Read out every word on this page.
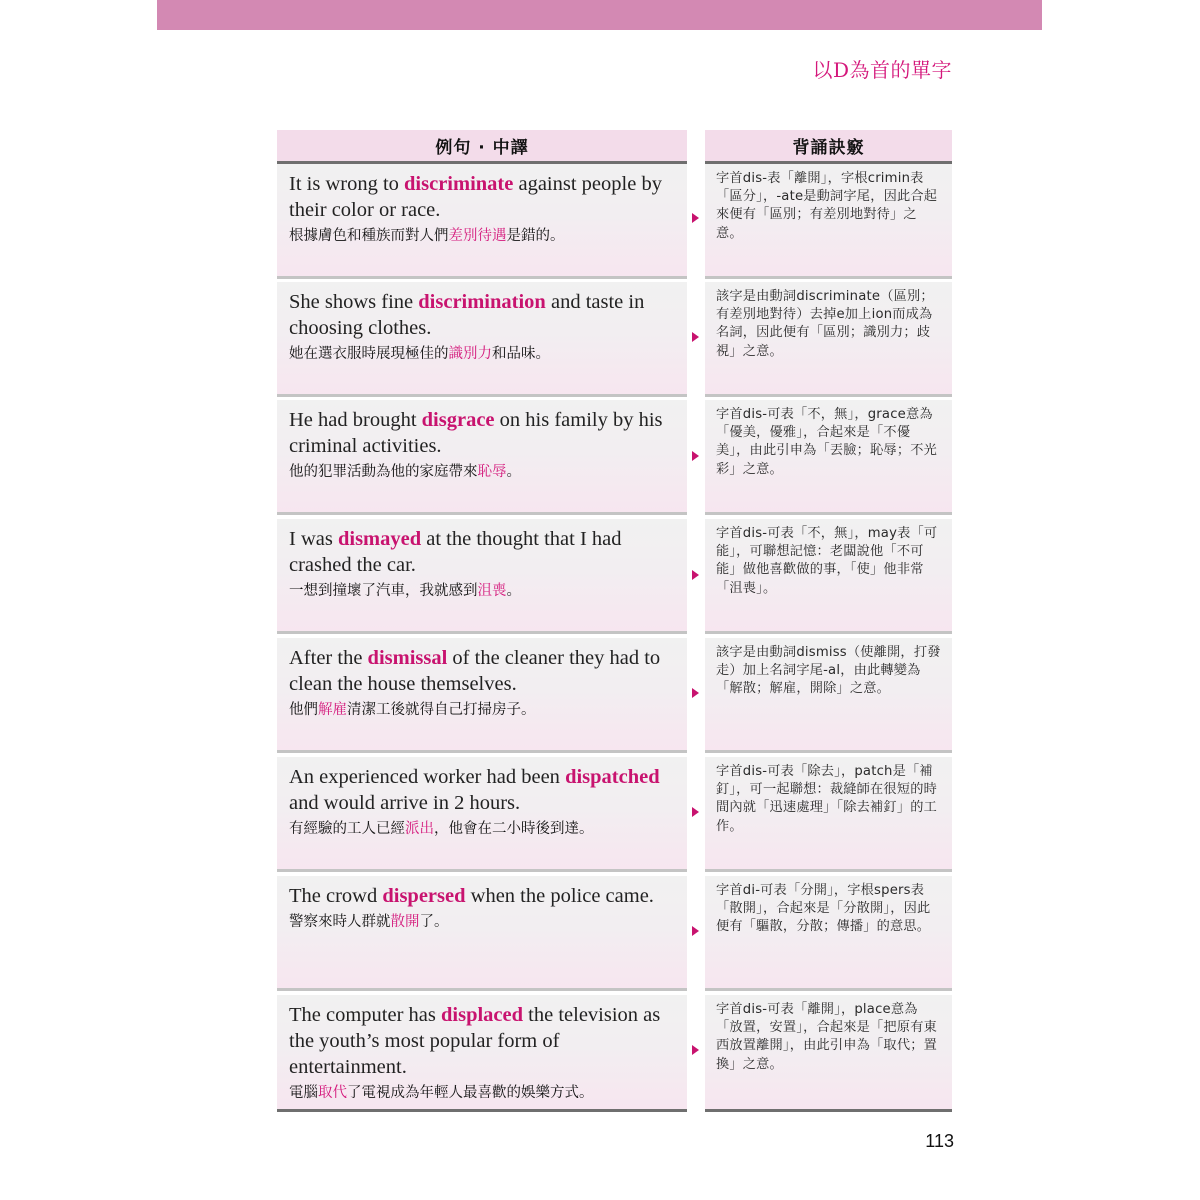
以D為首的單字
例句 · 中譯	背誦訣竅
It is wrong to discriminate against people by their color or race.
根據膚色和種族而對人們差別待遇是錯的。
字首dis-表「離開」，字根crimin表「區分」，-ate是動詞字尾，因此合起來便有「區別；有差別地對待」之意。
She shows fine discrimination and taste in choosing clothes.
她在選衣服時展現極佳的識別力和品味。
該字是由動詞discriminate（區別；有差別地對待）去掉e加上ion而成為名詞，因此便有「區別；識別力；歧視」之意。
He had brought disgrace on his family by his criminal activities.
他的犯罪活動為他的家庭帶來恥辱。
字首dis-可表「不，無」，grace意為「優美，優雅」，合起來是「不優美」，由此引申為「丟臉；恥辱；不光彩」之意。
I was dismayed at the thought that I had crashed the car.
一想到撞壞了汽車，我就感到沮喪。
字首dis-可表「不，無」，may表「可能」，可聯想記憶：老闆說他「不可能」做他喜歡做的事，「使」他非常「沮喪」。
After the dismissal of the cleaner they had to clean the house themselves.
他們解雇清潔工後就得自己打掃房子。
該字是由動詞dismiss（使離開，打發走）加上名詞字尾-al，由此轉變為「解散；解雇，開除」之意。
An experienced worker had been dispatched and would arrive in 2 hours.
有經驗的工人已經派出，他會在二小時後到達。
字首dis-可表「除去」，patch是「補釘」，可一起聯想：裁縫師在很短的時間內就「迅速處理」「除去補釘」的工作。
The crowd dispersed when the police came.
警察來時人群就散開了。
字首di-可表「分開」，字根spers表「散開」，合起來是「分散開」，因此便有「驅散，分散；傳播」的意思。
The computer has displaced the television as the youth’s most popular form of entertainment.
電腦取代了電視成為年輕人最喜歡的娛樂方式。
字首dis-可表「離開」，place意為「放置，安置」，合起來是「把原有東西放置離開」，由此引申為「取代；置換」之意。
113
